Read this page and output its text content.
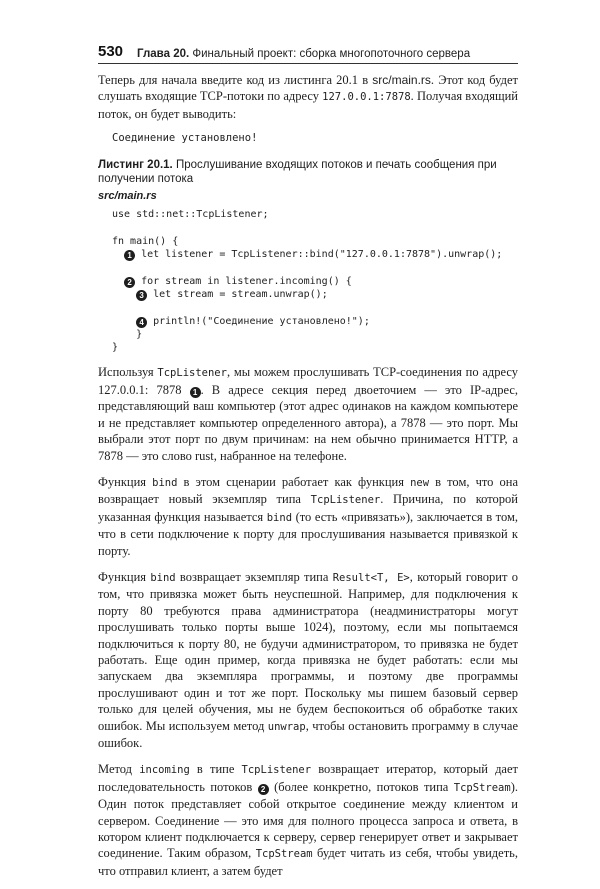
530 Глава 20. Финальный проект: сборка многопоточного сервера

Теперь для начала введите код из листинга 20.1 в src/main.rs. Этот код будет слушать входящие TCP-потоки по адресу 127.0.0.1:7878. Получая входящий поток, он будет выводить:

Соединение установлено!
Листинг 20.1. Прослушивание входящих потоков и печать сообщения при получении потока
src/main.rs
use std::net::TcpListener;

fn main() {
1 let listener = TcpListener::bind("127.0.0.1:7878").unwrap();

2 for stream in listener.incoming() {
3 let stream = stream.unwrap();

4 println!("Соединение установлено!");
}
}

Используя TcpListener, мы можем прослушивать TCP-соединения по адресу 127.0.0.1: 7878 1 . В адресе секция перед двоеточием — это IP-адрес, представляющий ваш компьютер (этот адрес одинаков на каждом компьютере и не представляет компьютер определенного автора), а 7878 — это порт. Мы выбрали этот порт по двум причинам: на нем обычно принимается HTTP, а 7878 — это слово rust, набранное на телефоне.

Функция bind в этом сценарии работает как функция new в том, что она возвращает новый экземпляр типа TcpListener. Причина, по которой указанная функция называется bind (то есть «привязать»), заключается в том, что в сети подключение к порту для прослушивания называется привязкой к порту.

Функция bind возвращает экземпляр типа Result<T, E>, который говорит о том, что привязка может быть неуспешной. Например, для подключения к порту 80 требуются права администратора (неадминистраторы могут прослушивать только порты выше 1024), поэтому, если мы попытаемся подключиться к порту 80, не будучи администратором, то привязка не будет работать. Еще один пример, когда привязка не будет работать: если мы запускаем два экземпляра программы, и поэтому две программы прослушивают один и тот же порт. Поскольку мы пишем базовый сервер только для целей обучения, мы не будем беспокоиться об обработке таких ошибок. Мы используем метод unwrap, чтобы остановить программу в случае ошибок.

Метод incoming в типе TcpListener возвращает итератор, который дает последовательность потоков 2 (более конкретно, потоков типа TcpStream). Один поток представляет собой открытое соединение между клиентом и сервером. Соединение — это имя для полного процесса запроса и ответа, в котором клиент подключается к серверу, сервер генерирует ответ и закрывает соединение. Таким образом, TcpStream будет читать из себя, чтобы увидеть, что отправил клиент, а затем будет
